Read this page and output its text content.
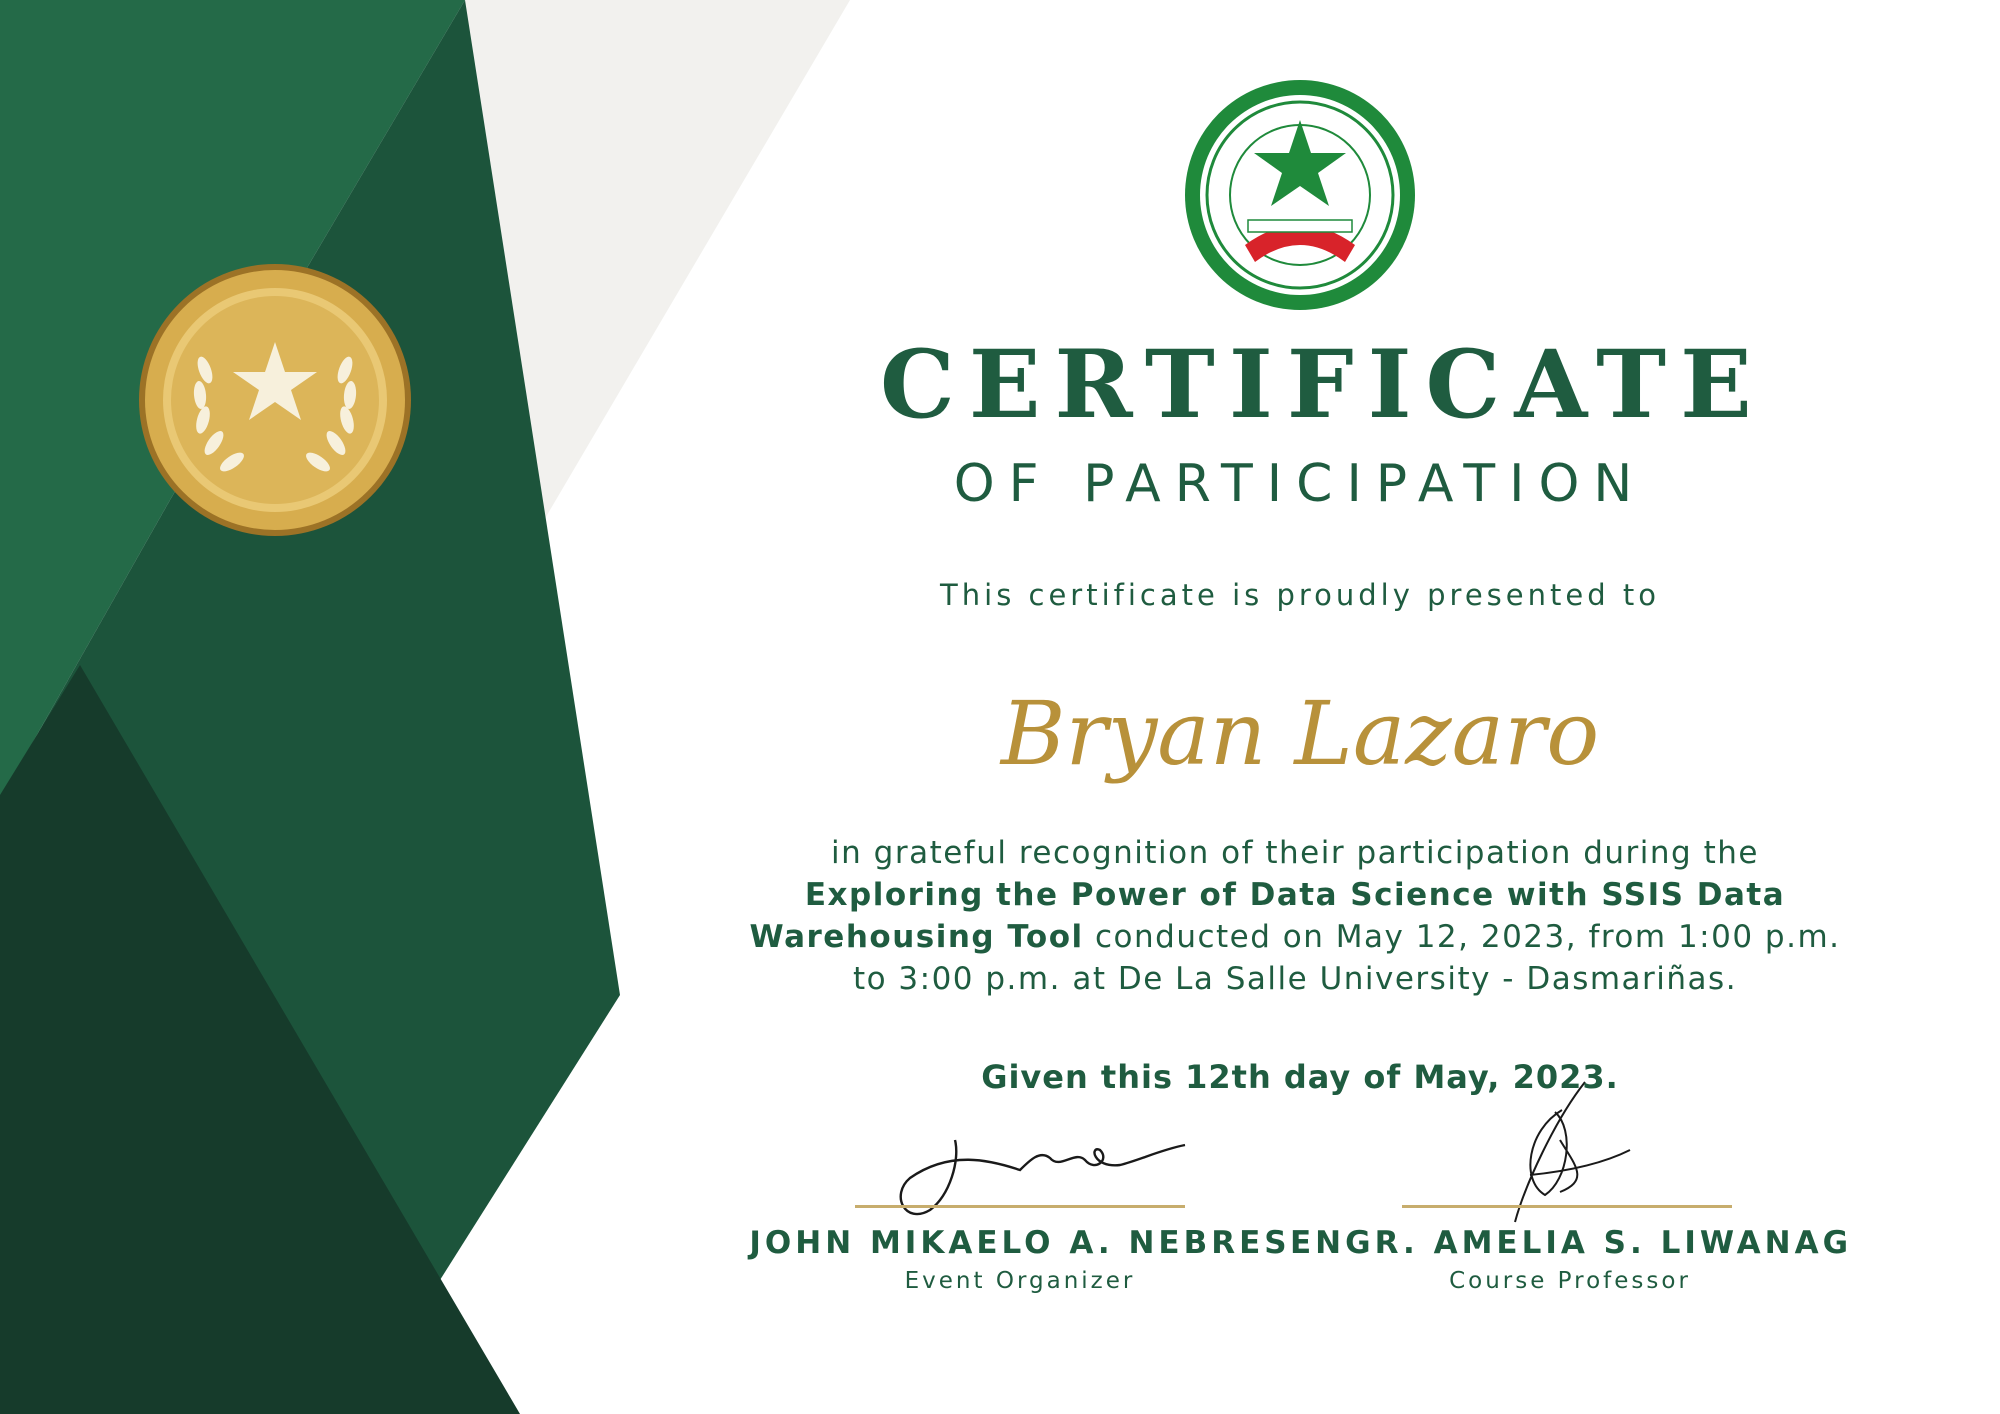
CERTIFICATE
OF PARTICIPATION
This certificate is proudly presented to
Bryan Lazaro
in grateful recognition of their participation during the
Exploring the Power of Data Science with SSIS Data Warehousing Tool conducted on May 12, 2023, from 1:00 p.m. to 3:00 p.m. at De La Salle University - Dasmariñas.
Given this 12th day of May, 2023.
JOHN MIKAELO A. NEBRES
Event Organizer
ENGR. AMELIA S. LIWANAG
Course Professor
